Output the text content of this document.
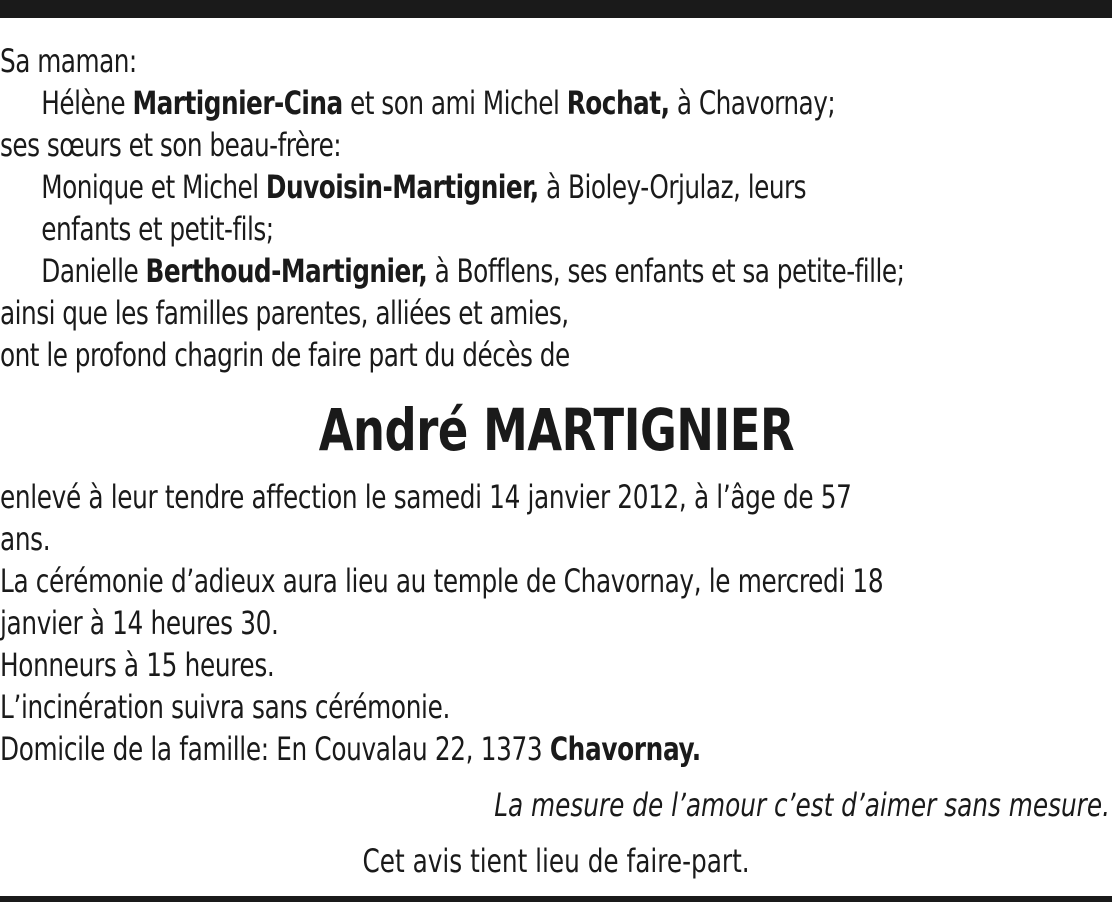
Sa maman:
Hélène Martignier-Cina et son ami Michel Rochat, à Chavornay;
ses sœurs et son beau-frère:
Monique et Michel Duvoisin-Martignier, à Bioley-Orjulaz, leurs
enfants et petit-fils;
Danielle Berthoud-Martignier, à Bofflens, ses enfants et sa petite-fille;
ainsi que les familles parentes, alliées et amies,
ont le profond chagrin de faire part du décès de
André MARTIGNIER
enlevé à leur tendre affection le samedi 14 janvier 2012, à l’âge de 57
ans.
La cérémonie d’adieux aura lieu au temple de Chavornay, le mercredi 18
janvier à 14 heures 30.
Honneurs à 15 heures.
L’incinération suivra sans cérémonie.
Domicile de la famille: En Couvalau 22, 1373 Chavornay.
La mesure de l’amour c’est d’aimer sans mesure.
Cet avis tient lieu de faire-part.
